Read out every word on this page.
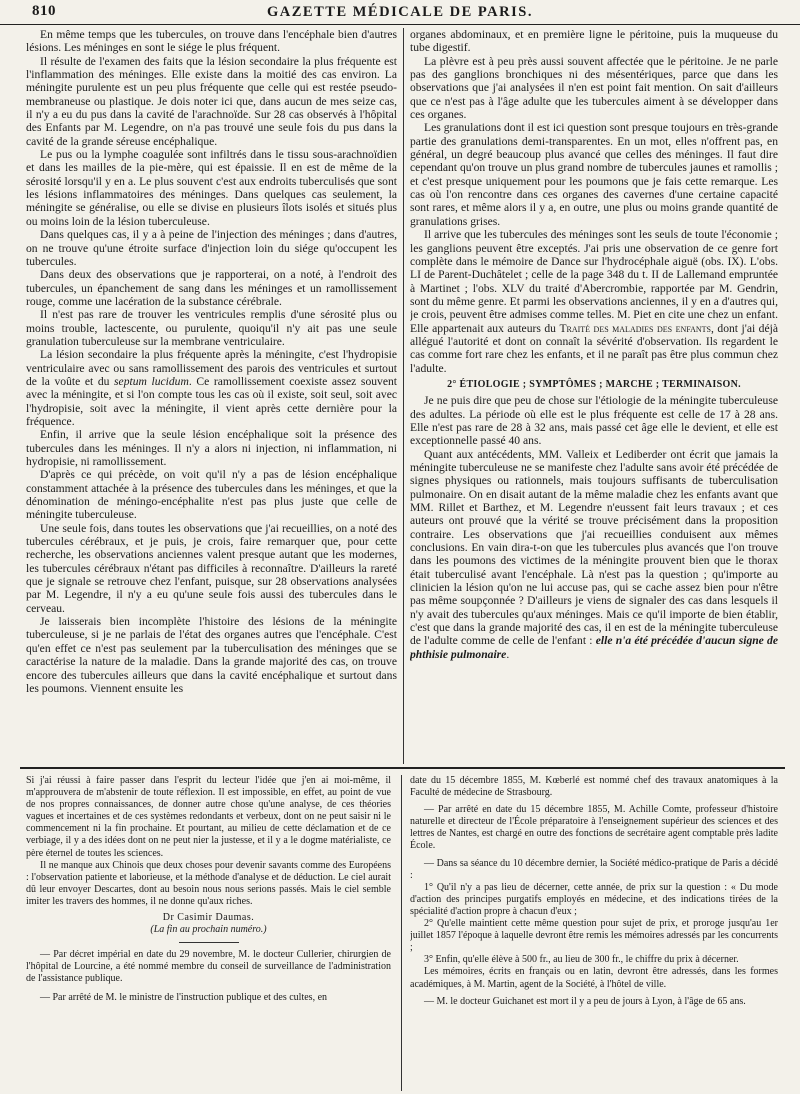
810	GAZETTE MÉDICALE DE PARIS.

En même temps que les tubercules, on trouve dans l'encéphale bien d'autres lésions. Les méninges en sont le siége le plus fréquent.

Il résulte de l'examen des faits que la lésion secondaire la plus fréquente est l'inflammation des méninges. Elle existe dans la moitié des cas environ. La méningite purulente est un peu plus fréquente que celle qui est restée pseudo-membraneuse ou plastique. Je dois noter ici que, dans aucun de mes seize cas, il n'y a eu du pus dans la cavité de l'arachnoïde. Sur 28 cas observés à l'hôpital des Enfants par M. Legendre, on n'a pas trouvé une seule fois du pus dans la cavité de la grande séreuse encéphalique.

Le pus ou la lymphe coagulée sont infiltrés dans le tissu sous-arachnoïdien et dans les mailles de la pie-mère, qui est épaissie. Il en est de même de la sérosité lorsqu'il y en a. Le plus souvent c'est aux endroits tuberculisés que sont les lésions inflammatoires des méninges. Dans quelques cas seulement, la méningite se généralise, ou elle se divise en plusieurs îlots isolés et situés plus ou moins loin de la lésion tuberculeuse.

Dans quelques cas, il y a à peine de l'injection des méninges ; dans d'autres, on ne trouve qu'une étroite surface d'injection loin du siége qu'occupent les tubercules.

Dans deux des observations que je rapporterai, on a noté, à l'endroit des tubercules, un épanchement de sang dans les méninges et un ramollissement rouge, comme une lacération de la substance cérébrale.

Il n'est pas rare de trouver les ventricules remplis d'une sérosité plus ou moins trouble, lactescente, ou purulente, quoiqu'il n'y ait pas une seule granulation tuberculeuse sur la membrane ventriculaire.

La lésion secondaire la plus fréquente après la méningite, c'est l'hydropisie ventriculaire avec ou sans ramollissement des parois des ventricules et surtout de la voûte et du septum lucidum. Ce ramollissement coexiste assez souvent avec la méningite, et si l'on compte tous les cas où il existe, soit seul, soit avec l'hydropisie, soit avec la méningite, il vient après cette dernière pour la fréquence.

Enfin, il arrive que la seule lésion encéphalique soit la présence des tubercules dans les méninges. Il n'y a alors ni injection, ni inflammation, ni hydropisie, ni ramollissement.

D'après ce qui précède, on voit qu'il n'y a pas de lésion encéphalique constamment attachée à la présence des tubercules dans les méninges, et que la dénomination de méningo-encéphalite n'est pas plus juste que celle de méningite tuberculeuse.

Une seule fois, dans toutes les observations que j'ai recueillies, on a noté des tubercules cérébraux, et je puis, je crois, faire remarquer que, pour cette recherche, les observations anciennes valent presque autant que les modernes, les tubercules cérébraux n'étant pas difficiles à reconnaître. D'ailleurs la rareté que je signale se retrouve chez l'enfant, puisque, sur 28 observations analysées par M. Legendre, il n'y a eu qu'une seule fois aussi des tubercules dans le cerveau.

Je laisserais bien incomplète l'histoire des lésions de la méningite tuberculeuse, si je ne parlais de l'état des organes autres que l'encéphale. C'est qu'en effet ce n'est pas seulement par la tuberculisation des méninges que se caractérise la nature de la maladie. Dans la grande majorité des cas, on trouve encore des tubercules ailleurs que dans la cavité encéphalique et surtout dans les poumons. Viennent ensuite les

organes abdominaux, et en première ligne le péritoine, puis la muqueuse du tube digestif.

La plèvre est à peu près aussi souvent affectée que le péritoine. Je ne parle pas des ganglions bronchiques ni des mésentériques, parce que dans les observations que j'ai analysées il n'en est point fait mention. On sait d'ailleurs que ce n'est pas à l'âge adulte que les tubercules aiment à se développer dans ces organes.

Les granulations dont il est ici question sont presque toujours en très-grande partie des granulations demi-transparentes. En un mot, elles n'offrent pas, en général, un degré beaucoup plus avancé que celles des méninges. Il faut dire cependant qu'on trouve un plus grand nombre de tubercules jaunes et ramollis ; et c'est presque uniquement pour les poumons que je fais cette remarque. Les cas où l'on rencontre dans ces organes des cavernes d'une certaine capacité sont rares, et même alors il y a, en outre, une plus ou moins grande quantité de granulations grises.

Il arrive que les tubercules des méninges sont les seuls de toute l'économie ; les ganglions peuvent être exceptés. J'ai pris une observation de ce genre fort complète dans le mémoire de Dance sur l'hydrocéphale aiguë (obs. IX). L'obs. LI de Parent-Duchâtelet ; celle de la page 348 du t. II de Lallemand empruntée à Martinet ; l'obs. XLV du traité d'Abercrombie, rapportée par M. Gendrin, sont du même genre. Et parmi les observations anciennes, il y en a d'autres qui, je crois, peuvent être admises comme telles. M. Piet en cite une chez un enfant. Elle appartenait aux auteurs du Traité des maladies des enfants, dont j'ai déjà allégué l'autorité et dont on connaît la sévérité d'observation. Ils regardent le cas comme fort rare chez les enfants, et il ne paraît pas être plus commun chez l'adulte.

2° ÉTIOLOGIE ; SYMPTÔMES ; MARCHE ; TERMINAISON.

Je ne puis dire que peu de chose sur l'étiologie de la méningite tuberculeuse des adultes. La période où elle est le plus fréquente est celle de 17 à 28 ans. Elle n'est pas rare de 28 à 32 ans, mais passé cet âge elle le devient, et elle est exceptionnelle passé 40 ans.

Quant aux antécédents, MM. Valleix et Lediberder ont écrit que jamais la méningite tuberculeuse ne se manifeste chez l'adulte sans avoir été précédée de signes physiques ou rationnels, mais toujours suffisants de tuberculisation pulmonaire. On en disait autant de la même maladie chez les enfants avant que MM. Rillet et Barthez, et M. Legendre n'eussent fait leurs travaux ; et ces auteurs ont prouvé que la vérité se trouve précisément dans la proposition contraire. Les observations que j'ai recueillies conduisent aux mêmes conclusions. En vain dira-t-on que les tubercules plus avancés que l'on trouve dans les poumons des victimes de la méningite prouvent bien que le thorax était tuberculisé avant l'encéphale. Là n'est pas la question ; qu'importe au clinicien la lésion qu'on ne lui accuse pas, qui se cache assez bien pour n'être pas même soupçonnée ? D'ailleurs je viens de signaler des cas dans lesquels il n'y avait des tubercules qu'aux méninges. Mais ce qu'il importe de bien établir, c'est que dans la grande majorité des cas, il en est de la méningite tuberculeuse de l'adulte comme de celle de l'enfant : elle n'a été précédée d'aucun signe de phthisie pulmonaire.

Si j'ai réussi à faire passer dans l'esprit du lecteur l'idée que j'en ai moi-même, il m'approuvera de m'abstenir de toute réflexion. Il est impossible, en effet, au point de vue de nos propres connaissances, de donner autre chose qu'une analyse, de ces théories vagues et incertaines et de ces systèmes redondants et verbeux, dont on ne peut saisir ni le commencement ni la fin prochaine. Et pourtant, au milieu de cette déclamation et de ce verbiage, il y a des idées dont on ne peut nier la justesse, et il y a le dogme matérialiste, ce père éternel de toutes les sciences.

Il ne manque aux Chinois que deux choses pour devenir savants comme des Européens : l'observation patiente et laborieuse, et la méthode d'analyse et de déduction. Le ciel aurait dû leur envoyer Descartes, dont au besoin nous nous serions passés. Mais le ciel semble imiter les travers des hommes, il ne donne qu'aux riches.

Dr Casimir Daumas.

(La fin au prochain numéro.)

— Par décret impérial en date du 29 novembre, M. le docteur Cullerier, chirurgien de l'hôpital de Lourcine, a été nommé membre du conseil de surveillance de l'administration de l'assistance publique.

— Par arrêté de M. le ministre de l'instruction publique et des cultes, en

date du 15 décembre 1855, M. Kœberlé est nommé chef des travaux anatomiques à la Faculté de médecine de Strasbourg.

— Par arrêté en date du 15 décembre 1855, M. Achille Comte, professeur d'histoire naturelle et directeur de l'École préparatoire à l'enseignement supérieur des sciences et des lettres de Nantes, est chargé en outre des fonctions de secrétaire agent comptable près ladite École.

— Dans sa séance du 10 décembre dernier, la Société médico-pratique de Paris a décidé :

1° Qu'il n'y a pas lieu de décerner, cette année, de prix sur la question : « Du mode d'action des principes purgatifs employés en médecine, et des indications tirées de la spécialité d'action propre à chacun d'eux ;

2° Qu'elle maintient cette même question pour sujet de prix, et proroge jusqu'au 1er juillet 1857 l'époque à laquelle devront être remis les mémoires adressés par les concurrents ;

3° Enfin, qu'elle élève à 500 fr., au lieu de 300 fr., le chiffre du prix à décerner.

Les mémoires, écrits en français ou en latin, devront être adressés, dans les formes académiques, à M. Martin, agent de la Société, à l'hôtel de ville.

— M. le docteur Guichanet est mort il y a peu de jours à Lyon, à l'âge de 65 ans.
